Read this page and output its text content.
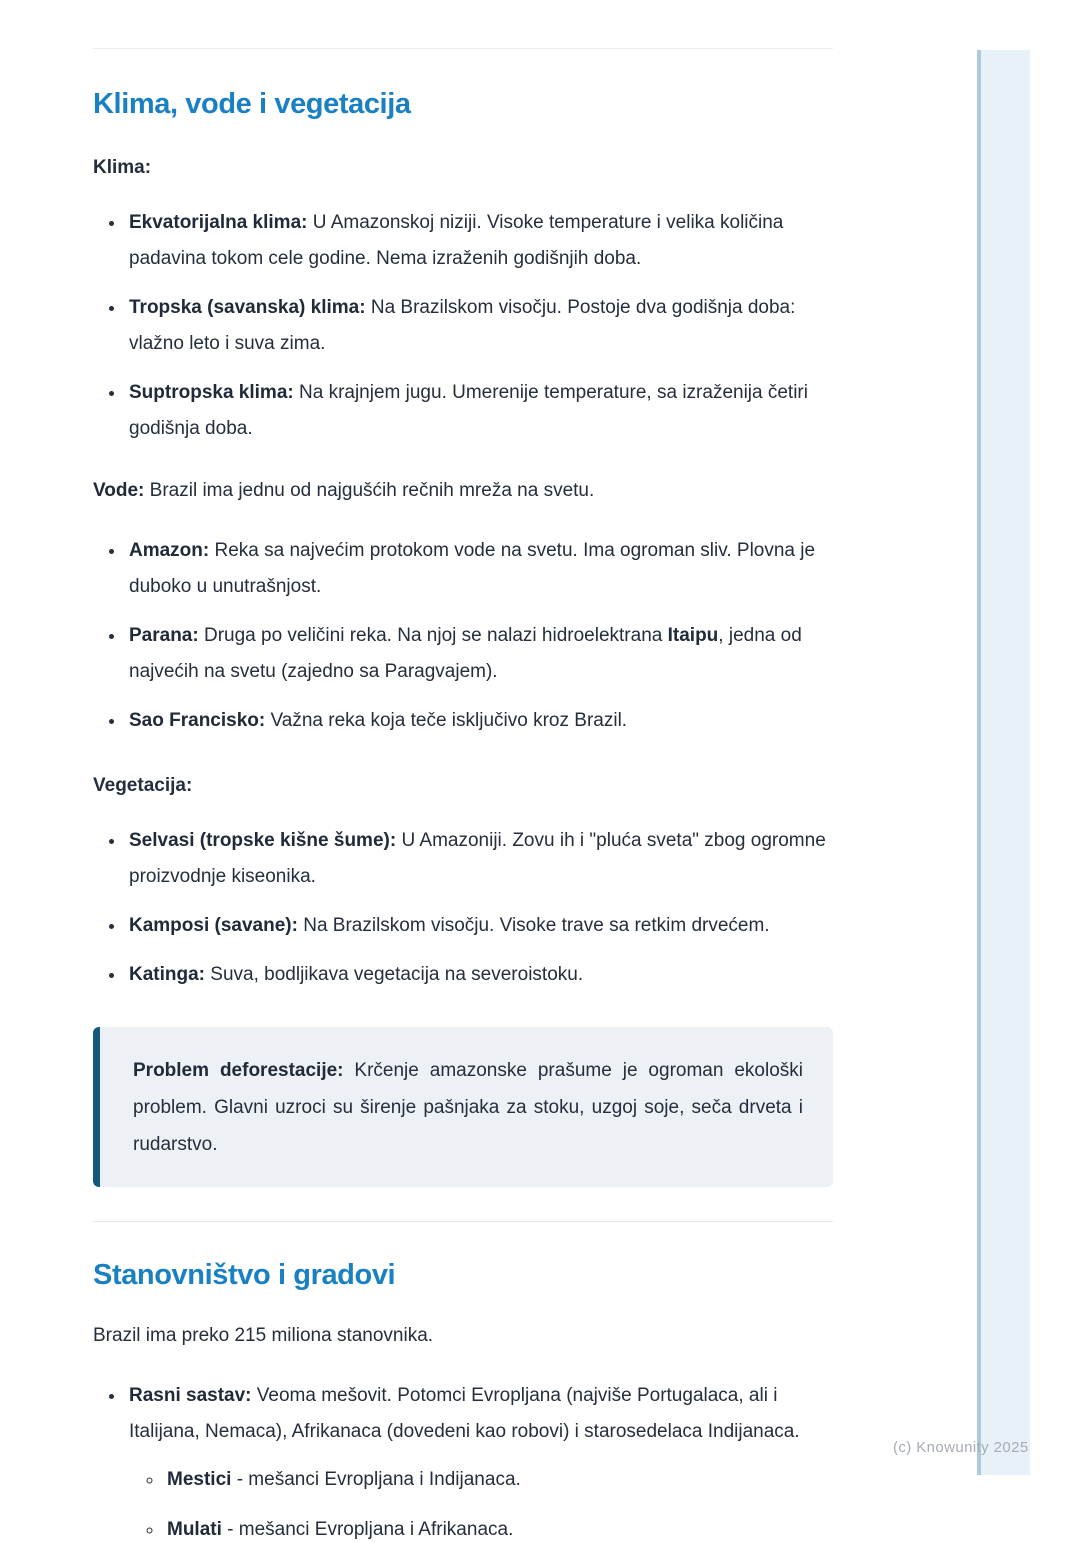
Klima, vode i vegetacija

Klima:

• Ekvatorijalna klima: U Amazonskoj niziji. Visoke temperature i velika količina padavina tokom cele godine. Nema izraženih godišnjih doba.
• Tropska (savanska) klima: Na Brazilskom visočju. Postoje dva godišnja doba: vlažno leto i suva zima.
• Suptropska klima: Na krajnjem jugu. Umerenije temperature, sa izraženija četiri godišnja doba.

Vode: Brazil ima jednu od najgušćih rečnih mreža na svetu.

• Amazon: Reka sa najvećim protokom vode na svetu. Ima ogroman sliv. Plovna je duboko u unutrašnjost.
• Parana: Druga po veličini reka. Na njoj se nalazi hidroelektrana Itaipu, jedna od najvećih na svetu (zajedno sa Paragvajem).
• Sao Francisko: Važna reka koja teče isključivo kroz Brazil.

Vegetacija:

• Selvasi (tropske kišne šume): U Amazoniji. Zovu ih i "pluća sveta" zbog ogromne proizvodnje kiseonika.
• Kamposi (savane): Na Brazilskom visočju. Visoke trave sa retkim drvećem.
• Katinga: Suva, bodljikava vegetacija na severoistoku.
Problem deforestacije: Krčenje amazonske prašume je ogroman ekološki problem. Glavni uzroci su širenje pašnjaka za stoku, uzgoj soje, seča drveta i rudarstvo.
Stanovništvo i gradovi

Brazil ima preko 215 miliona stanovnika.

• Rasni sastav: Veoma mešovit. Potomci Evropljana (najviše Portugalaca, ali i Italijana, Nemaca), Afrikanaca (dovedeni kao robovi) i starosedelaca Indijanaca.
◦ Mestici - mešanci Evropljana i Indijanaca.
◦ Mulati - mešanci Evropljana i Afrikanaca.
(c) Knowunity 2025
